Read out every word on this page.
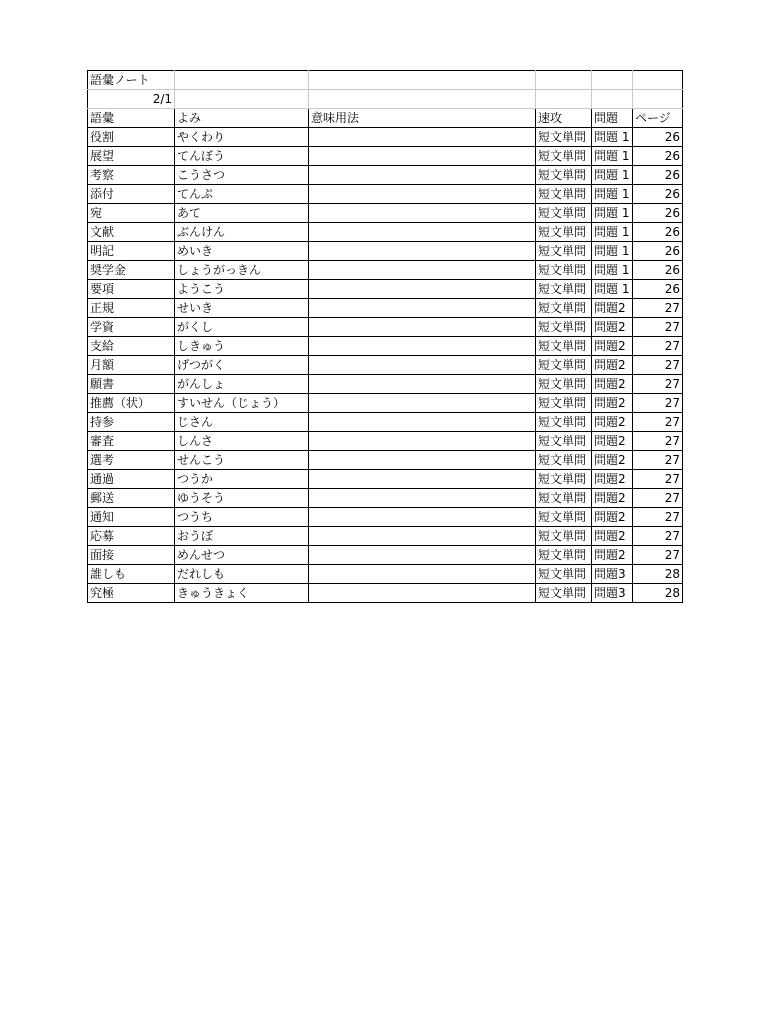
語彙ノート					
2/1					
語彙	よみ	意味用法	速攻	問題	ページ
役割	やくわり		短文単問	問題 1	26
展望	てんぼう		短文単問	問題 1	26
考察	こうさつ		短文単問	問題 1	26
添付	てんぷ		短文単問	問題 1	26
宛	あて		短文単問	問題 1	26
文献	ぶんけん		短文単問	問題 1	26
明記	めいき		短文単問	問題 1	26
奨学金	しょうがっきん		短文単問	問題 1	26
要項	ようこう		短文単問	問題 1	26
正規	せいき		短文単問	問題2	27
学資	がくし		短文単問	問題2	27
支給	しきゅう		短文単問	問題2	27
月額	げつがく		短文単問	問題2	27
願書	がんしょ		短文単問	問題2	27
推薦（状）	すいせん（じょう）		短文単問	問題2	27
持参	じさん		短文単問	問題2	27
審査	しんさ		短文単問	問題2	27
選考	せんこう		短文単問	問題2	27
通過	つうか		短文単問	問題2	27
郵送	ゆうそう		短文単問	問題2	27
通知	つうち		短文単問	問題2	27
応募	おうぼ		短文単問	問題2	27
面接	めんせつ		短文単問	問題2	27
誰しも	だれしも		短文単問	問題3	28
究極	きゅうきょく		短文単問	問題3	28
